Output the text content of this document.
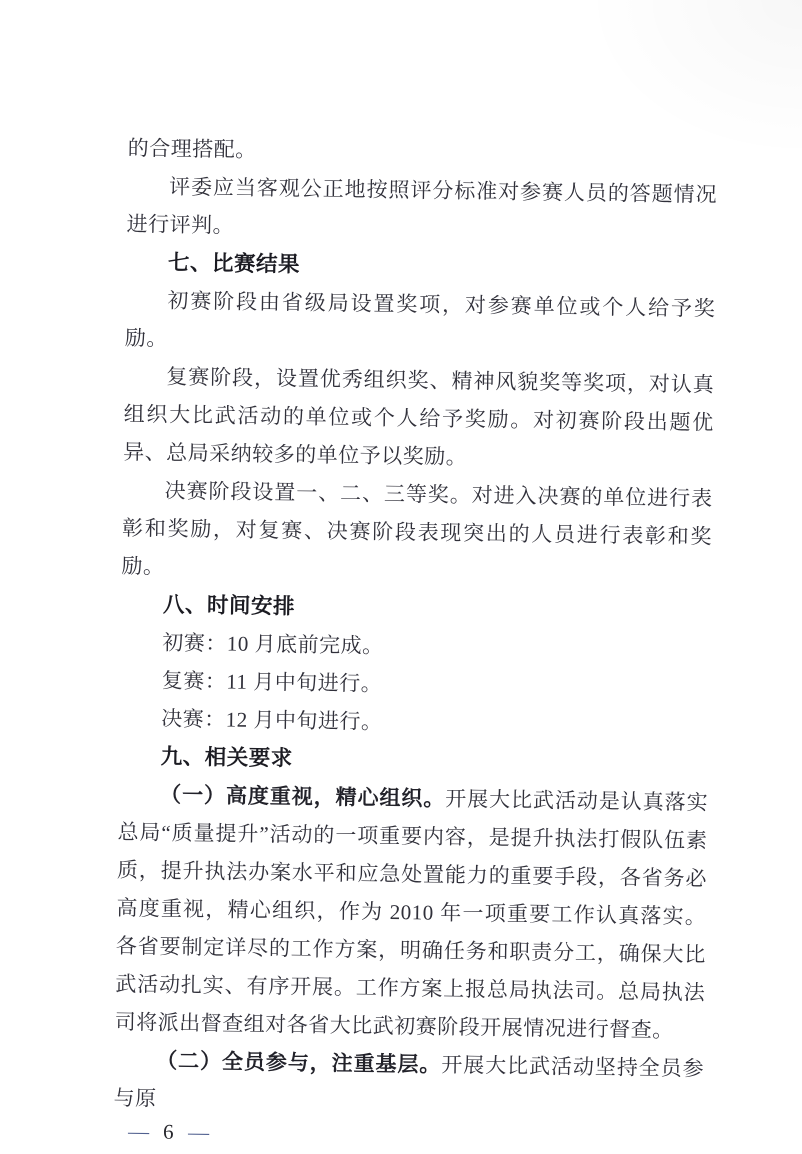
的合理搭配。

评委应当客观公正地按照评分标准对参赛人员的答题情况进行评判。

七、比赛结果

初赛阶段由省级局设置奖项，对参赛单位或个人给予奖励。

复赛阶段，设置优秀组织奖、精神风貌奖等奖项，对认真组织大比武活动的单位或个人给予奖励。对初赛阶段出题优异、总局采纳较多的单位予以奖励。

决赛阶段设置一、二、三等奖。对进入决赛的单位进行表彰和奖励，对复赛、决赛阶段表现突出的人员进行表彰和奖励。

八、时间安排

初赛：10 月底前完成。

复赛：11 月中旬进行。

决赛：12 月中旬进行。

九、相关要求

（一）高度重视，精心组织。开展大比武活动是认真落实总局“质量提升”活动的一项重要内容，是提升执法打假队伍素质，提升执法办案水平和应急处置能力的重要手段，各省务必高度重视，精心组织，作为 2010 年一项重要工作认真落实。各省要制定详尽的工作方案，明确任务和职责分工，确保大比武活动扎实、有序开展。工作方案上报总局执法司。总局执法司将派出督查组对各省大比武初赛阶段开展情况进行督查。

（二）全员参与，注重基层。开展大比武活动坚持全员参与原

— 6 —
